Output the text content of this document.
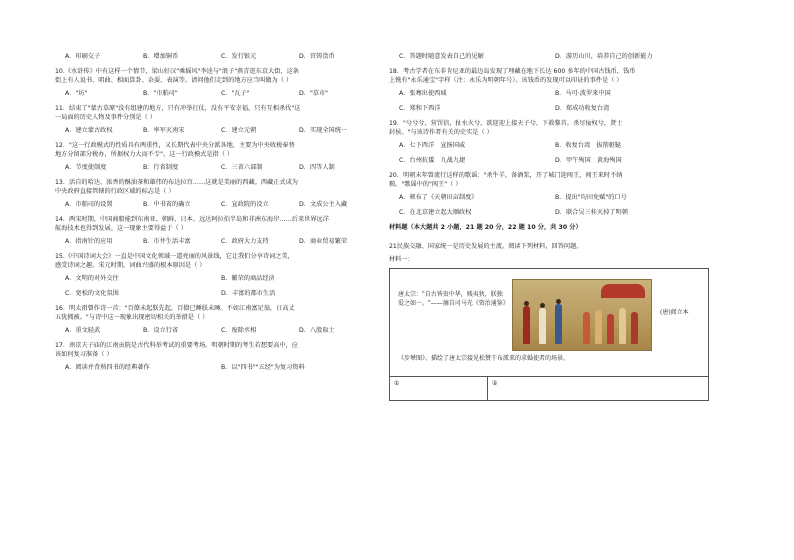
A．印刷交子	B．增加铜币	C．发行银元	D．官铸货币
10.《水浒传》中有这样一个情节，梁山好汉"乘摇风"李逵与"浪子"燕青逛东京大街，这条
街上有人说书、唱曲、相面算卦、杂耍、表演等。请问他们走到的地方应当叫做为（ ）
A．"坊"	B．"市舶司"	C．"瓦子"	D．"草市"
11．结束了"蒙古草原"没有组建的地方，只有冲举打仗，没有平安幸福，只有互相杀伐"这
一局面的历史人物及事件分别是（ ）
A．建立蒙古政权	B．率军灭南宋	C．建立元朝	D．实现全国统一
12．"这一行政模式的性质具有两重性，又长期代表中央分派各地，主要为中央收税奉替
地方分留部分税办，所据权力大而不专"。这一行政模式是指（ ）
A．节度使制度	B．行省制度	C．三省六部制	D．四等人制
13．活自的哈达、浓香的酥油茶和雄伟的布达拉宫……这就是美丽的西藏。西藏正式成为
中央政府直接管辖的行政区域的标志是（ ）
A．市舶司的设置	B．中书省的确立	C．宣政院的设立	D．文成公主入藏
14．两宋时期，中国商船能到东南亚、朝鲜、日本、远达阿拉伯半岛和非洲东海岸……后来世界远洋
航海技术也得到发展。这一现象主要得益于（ ）
A．指南针的应用	B．市井生活丰富	C．政府大力支持	D．商业贸易繁荣
15.《中国诗词大会》一直是中国文化领域一道亮丽的风景线，它让我们分享诗词之美，
感受诗词之趣。宋元时期，词曲兴盛的根本原因是（ ）
A．文明的对外交往	B．繁荣的商品经济
C．宽松的文化氛围	D．丰富的都市生活
16．明太祖曾作诗一首："百僚未起朕先起，百僚已睡朕未睡。不如江南富足翁，日高丈
五犹拥被。"与诗中这一现象出现密切相关的举措是（ ）
A．重文轻武	B．设立行省	C．废除丞相	D．八股取士
17．南京夫子庙的江南贡院是古代科举考试的重要考场。明朝时期的考生若想要高中，应
该如何复习准备（ ）
A．阅读并背熟四书的经典著作	B．以"四书""五经"为复习资料
C．答题时随意发表自己的见解	D．游历山川，培养自己的创新能力
18．考古学者在东非肯尼亚的最边岛发现了埋藏在地下长达 600 多年的中国古钱币，钱币
上镌有"永乐通宝"字样（注：永乐为明朝年号）。该钱币的发现可以印证的事件是（ ）
A．张骞出使西域	B．马可·波罗来中国
C．郑和下西洋	D．郑成功收复台湾
19．"兮兮兮，营罚信，扯水火兮，欲迎迎上接天子兮，下救黎首。杀尽佞权兮，贤士
封侯。"与该诗作者有关的史实是（ ）
A．七下西洋　宣扬国威	B．收复台湾　拔削驱鞑
C．台州抗倭　九战九捷	D．甲午殉国　黄海殉国
20．明朝末年曾流行这样的歌谣："杀牛羊，备酒浆，开了城门迎闯王，闯王来时不纳
粮。"歌谣中的"闯王"（ ）
A．颁布了《天朝田亩制度》	B．提出"均田免赋"的口号
C．在北京建立起大顺政权	D．联合吴三桂灭掉了明朝
材料题（本大题共 2 小题，21 题 20 分，22 题 10 分，共 30 分）
21民族交融、国家统一是历史发展的主流。阅读下列材料，回答问题。
材料一：
唐太宗："自古皆贵中华，贱夷狄，朕独爱之如一。"——摘自司马光《资治通鉴》
(唐)阎立本
《步辇图》。描绘了唐太宗接见松赞干布派来的求婚使者的场景。

①	②
